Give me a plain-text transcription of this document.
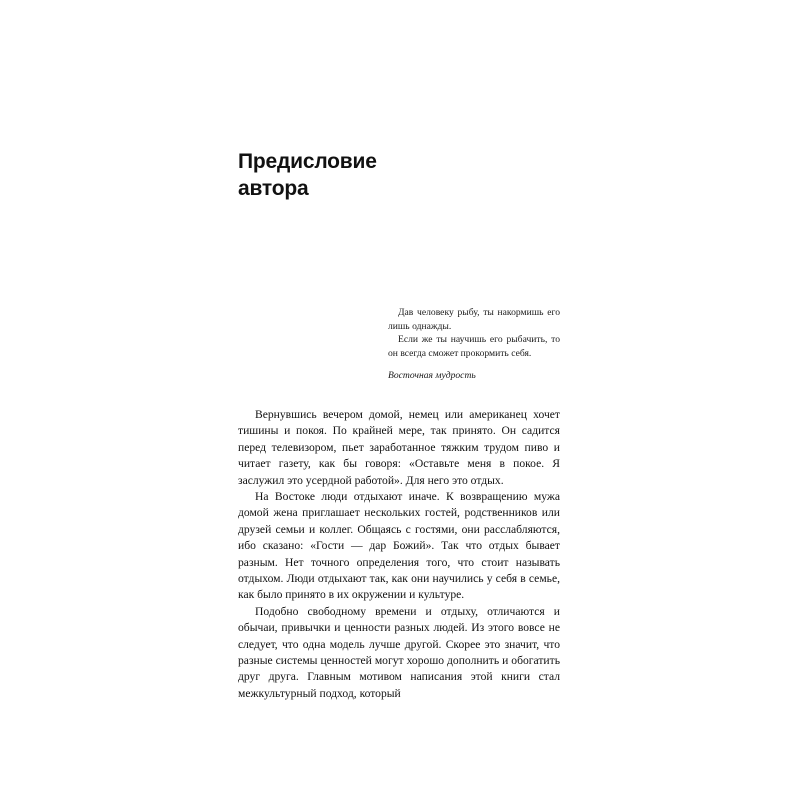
Предисловие
автора

Дав человеку рыбу, ты накормишь его лишь однажды.

Если же ты научишь его рыбачить, то он всегда сможет прокормить себя.

Восточная мудрость

Вернувшись вечером домой, немец или американец хочет тишины и покоя. По крайней мере, так принято. Он садится перед телевизором, пьет заработанное тяжким трудом пиво и читает газету, как бы говоря: «Оставьте меня в покое. Я заслужил это усердной работой». Для него это отдых.

На Востоке люди отдыхают иначе. К возвращению мужа домой жена приглашает нескольких гостей, родственников или друзей семьи и коллег. Общаясь с гостями, они расслабляются, ибо сказано: «Гости — дар Божий». Так что отдых бывает разным. Нет точного определения того, что стоит называть отдыхом. Люди отдыхают так, как они научились у себя в семье, как было принято в их окружении и культуре.

Подобно свободному времени и отдыху, отличаются и обычаи, привычки и ценности разных людей. Из этого вовсе не следует, что одна модель лучше другой. Скорее это значит, что разные системы ценностей могут хорошо дополнить и обогатить друг друга. Главным мотивом написания этой книги стал межкультурный подход, который
